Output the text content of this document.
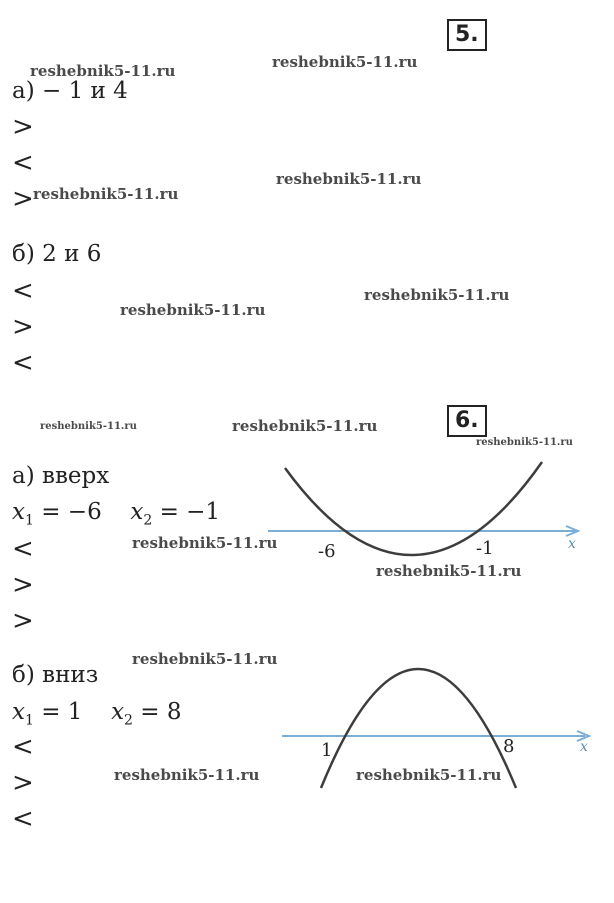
5.
а) − 1 и 4
>
<
>
б) 2 и 6
<
>
<
6.
а) вверх
$x_1 = -6$ $x_2 = -1$
<
>
>
б) вниз
$x_1 = 1$ $x_2 = 8$
<
>
<
-6	-1	x
1	8	x
reshebnik5-11.ru	reshebnik5-11.ru
reshebnik5-11.ru
reshebnik5-11.ru
reshebnik5-11.ru
reshebnik5-11.ru
reshebnik5-11.ru	reshebnik5-11.ru
reshebnik5-11.ru
reshebnik5-11.ru
reshebnik5-11.ru
reshebnik5-11.ru
reshebnik5-11.ru	reshebnik5-11.ru
